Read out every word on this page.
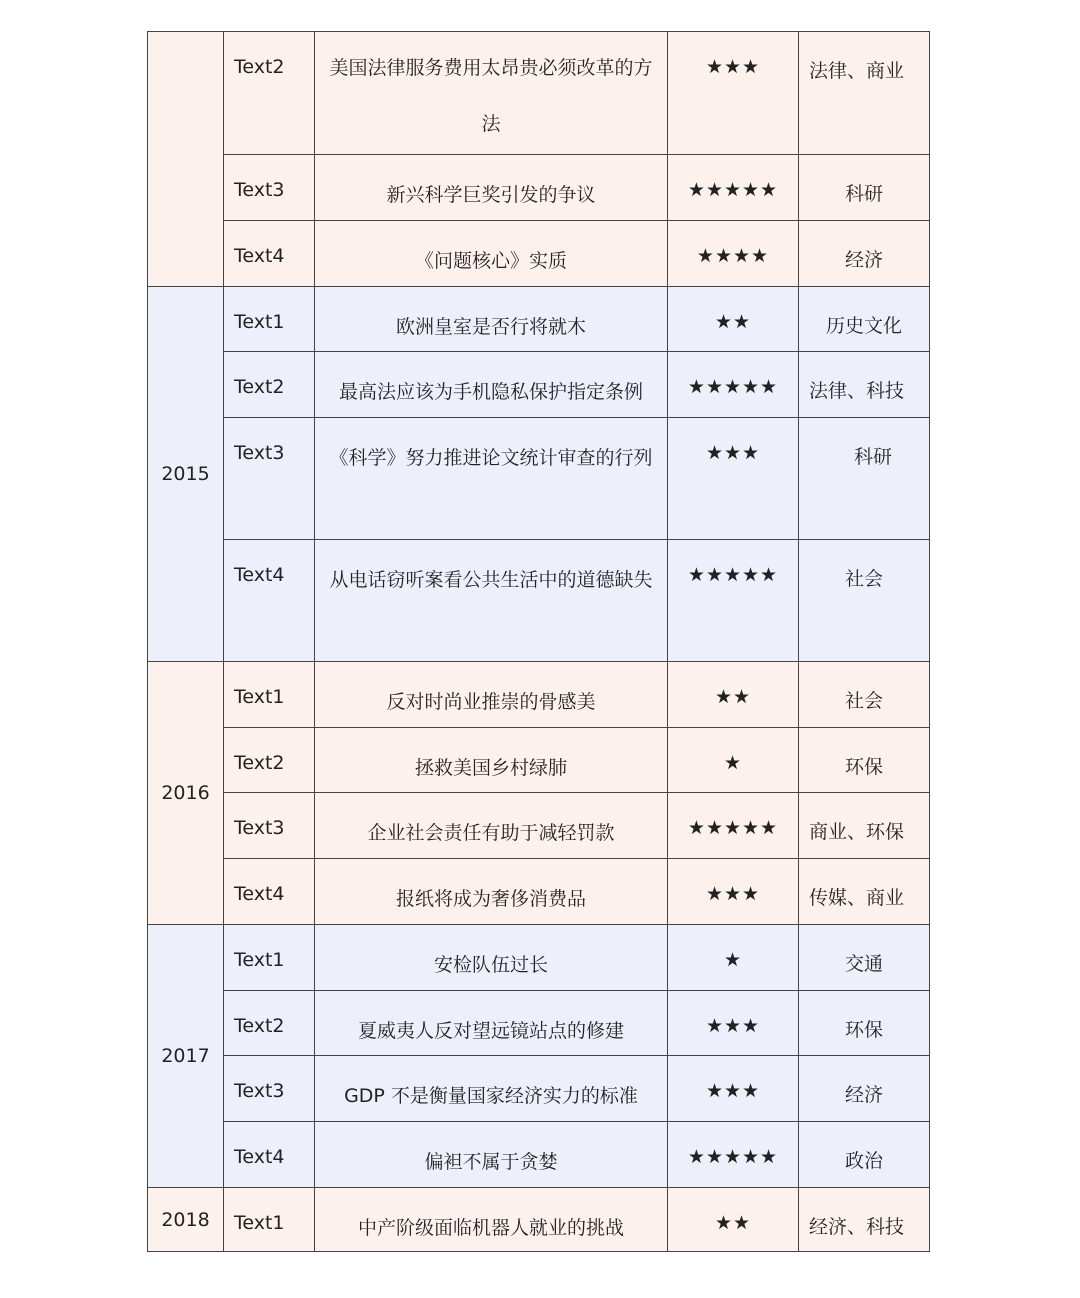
	Text2	美国法律服务费用太昂贵必须改革的方法	★★★	法律、商业
	Text3	新兴科学巨奖引发的争议	★★★★★	科研
	Text4	《问题核心》实质	★★★★	经济
2015	Text1	欧洲皇室是否行将就木	★★	历史文化
	Text2	最高法应该为手机隐私保护指定条例	★★★★★	法律、科技
	Text3	《科学》努力推进论文统计审查的行列	★★★	科研
	Text4	从电话窃听案看公共生活中的道德缺失	★★★★★	社会
2016	Text1	反对时尚业推崇的骨感美	★★	社会
	Text2	拯救美国乡村绿肺	★	环保
	Text3	企业社会责任有助于减轻罚款	★★★★★	商业、环保
	Text4	报纸将成为奢侈消费品	★★★	传媒、商业
2017	Text1	安检队伍过长	★	交通
	Text2	夏威夷人反对望远镜站点的修建	★★★	环保
	Text3	GDP 不是衡量国家经济实力的标准	★★★	经济
	Text4	偏袒不属于贪婪	★★★★★	政治
2018	Text1	中产阶级面临机器人就业的挑战	★★	经济、科技
